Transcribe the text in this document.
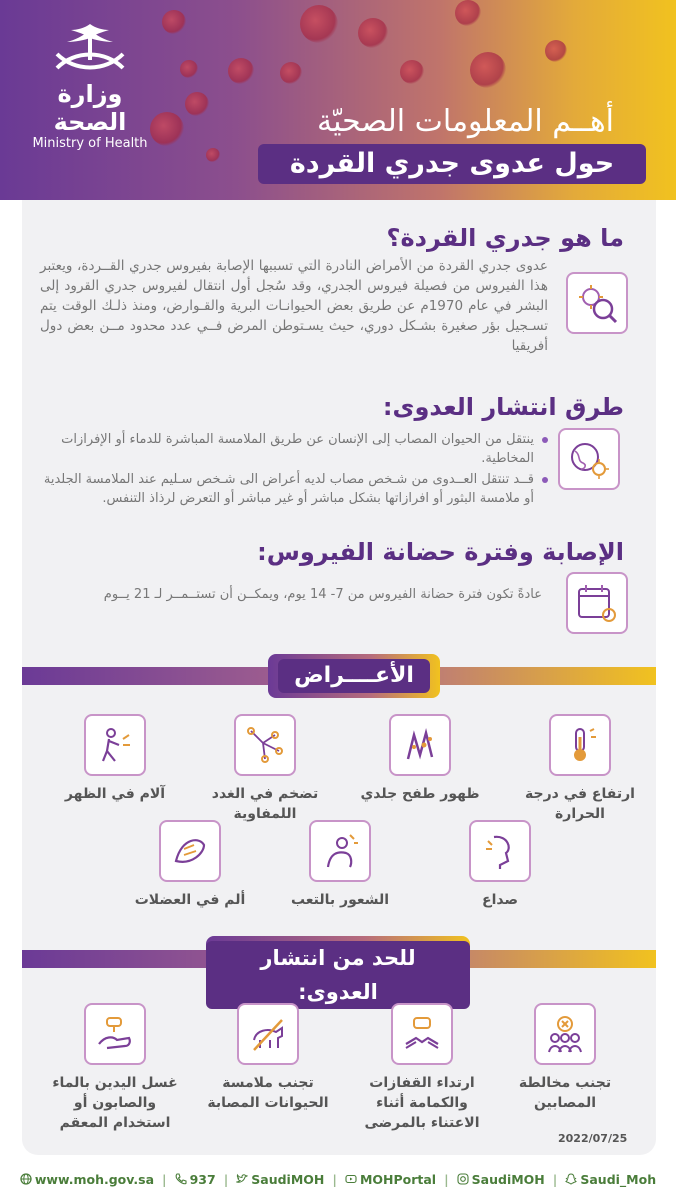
وزارة الصحة
Ministry of Health
أهــم المعلومات الصحيّة
حول عدوى جدري القردة
ما هو جدري القردة؟
عدوى جدري القردة من الأمراض النادرة التي تسببها الإصابة بفيروس جدري القــردة، ويعتبر هذا الفيروس من فصيلة فيروس الجدري، وقد سُجل أول انتقال لفيروس جدري القرود إلى البشر في عام 1970م عن طريق بعض الحيوانـات البرية والقـوارض، ومنذ ذلـك الوقت يتم تسـجيل بؤر صغيرة بشـكل دوري، حيث يسـتوطن المرض فــي عدد محدود مــن بعض دول أفريقيا
طرق انتشار العدوى:
ينتقل من الحيوان المصاب إلى الإنسان عن طريق الملامسة المباشرة للدماء أو الإفرازات المخاطية.
قــد تنتقل العــدوى من شـخص مصاب لديه أعراض الى شـخص سـليم عند الملامسة الجلدية أو ملامسة البثور أو افرازاتها بشكل مباشر أو غير مباشر أو التعرض لرذاذ التنفس.
الإصابة وفترة حضانة الفيروس:
عادةً تكون فترة حضانة الفيروس من 7- 14 يوم، ويمكــن أن تستــمــر لـ 21 يــوم
الأعــــراض
ارتفاع في درجة الحرارة
ظهور طفح جلدي
تضخم في الغدد اللمفاوية
آلام في الظهر
صداع
الشعور بالتعب
ألم في العضلات
للحد من انتشار العدوى:
تجنب مخالطة المصابين
ارتداء القفازات والكمامة أثناء الاعتناء بالمرضى
تجنب ملامسة الحيوانات المصابة
غسل اليدين بالماء والصابون أو استخدام المعقم
2022/07/25
www.moh.gov.sa | 937 | SaudiMOH | MOHPortal | SaudiMOH | Saudi_Moh
